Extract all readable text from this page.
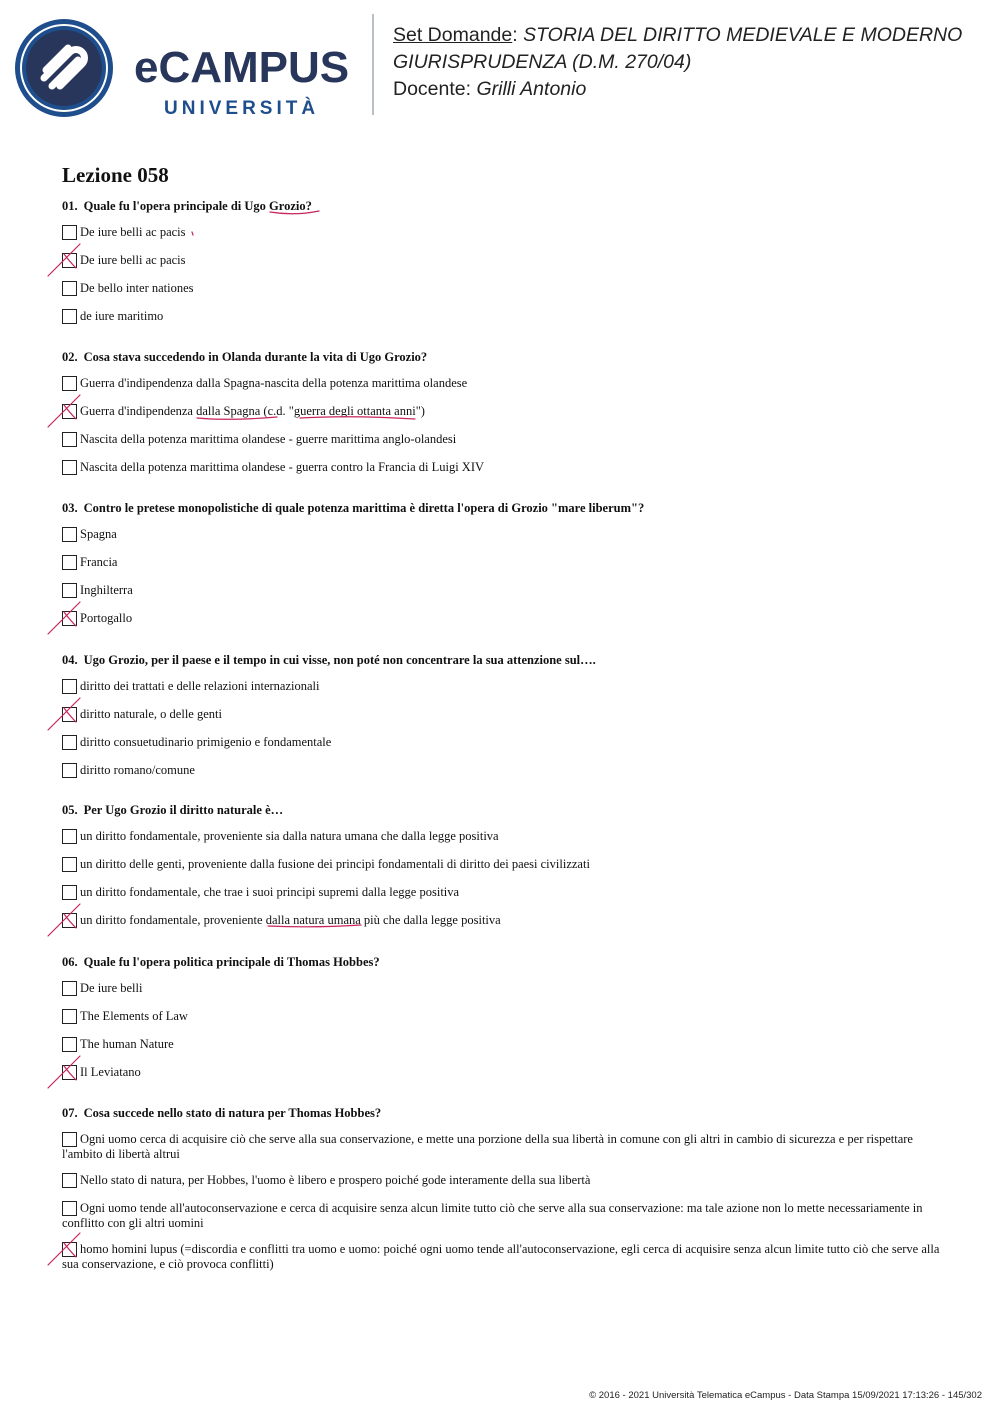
eCAMPUS
UNIVERSITÀ
Set Domande: STORIA DEL DIRITTO MEDIEVALE E MODERNO
GIURISPRUDENZA (D.M. 270/04)
Docente: Grilli Antonio
Lezione 058
01. Quale fu l'opera principale di Ugo Grozio?
De iure belli ac pacis
De iure belli ac pacis
De bello inter nationes
de iure maritimo
02. Cosa stava succedendo in Olanda durante la vita di Ugo Grozio?
Guerra d'indipendenza dalla Spagna-nascita della potenza marittima olandese
Guerra d'indipendenza dalla Spagna (c.d. "guerra degli ottanta anni")
Nascita della potenza marittima olandese - guerre marittima anglo-olandesi
Nascita della potenza marittima olandese - guerra contro la Francia di Luigi XIV
03. Contro le pretese monopolistiche di quale potenza marittima è diretta l'opera di Grozio "mare liberum"?
Spagna
Francia
Inghilterra
Portogallo
04. Ugo Grozio, per il paese e il tempo in cui visse, non poté non concentrare la sua attenzione sul….
diritto dei trattati e delle relazioni internazionali
diritto naturale, o delle genti
diritto consuetudinario primigenio e fondamentale
diritto romano/comune
05. Per Ugo Grozio il diritto naturale è…
un diritto fondamentale, proveniente sia dalla natura umana che dalla legge positiva
un diritto delle genti, proveniente dalla fusione dei principi fondamentali di diritto dei paesi civilizzati
un diritto fondamentale, che trae i suoi principi supremi dalla legge positiva
un diritto fondamentale, proveniente dalla natura umana più che dalla legge positiva
06. Quale fu l'opera politica principale di Thomas Hobbes?
De iure belli
The Elements of Law
The human Nature
Il Leviatano
07. Cosa succede nello stato di natura per Thomas Hobbes?
Ogni uomo cerca di acquisire ciò che serve alla sua conservazione, e mette una porzione della sua libertà in comune con gli altri in cambio di sicurezza e per rispettare l'ambito di libertà altrui
Nello stato di natura, per Hobbes, l'uomo è libero e prospero poiché gode interamente della sua libertà
Ogni uomo tende all'autoconservazione e cerca di acquisire senza alcun limite tutto ciò che serve alla sua conservazione: ma tale azione non lo mette necessariamente in conflitto con gli altri uomini
homo homini lupus (=discordia e conflitti tra uomo e uomo: poiché ogni uomo tende all'autoconservazione, egli cerca di acquisire senza alcun limite tutto ciò che serve alla sua conservazione, e ciò provoca conflitti)
© 2016 - 2021 Università Telematica eCampus - Data Stampa 15/09/2021 17:13:26 - 145/302
